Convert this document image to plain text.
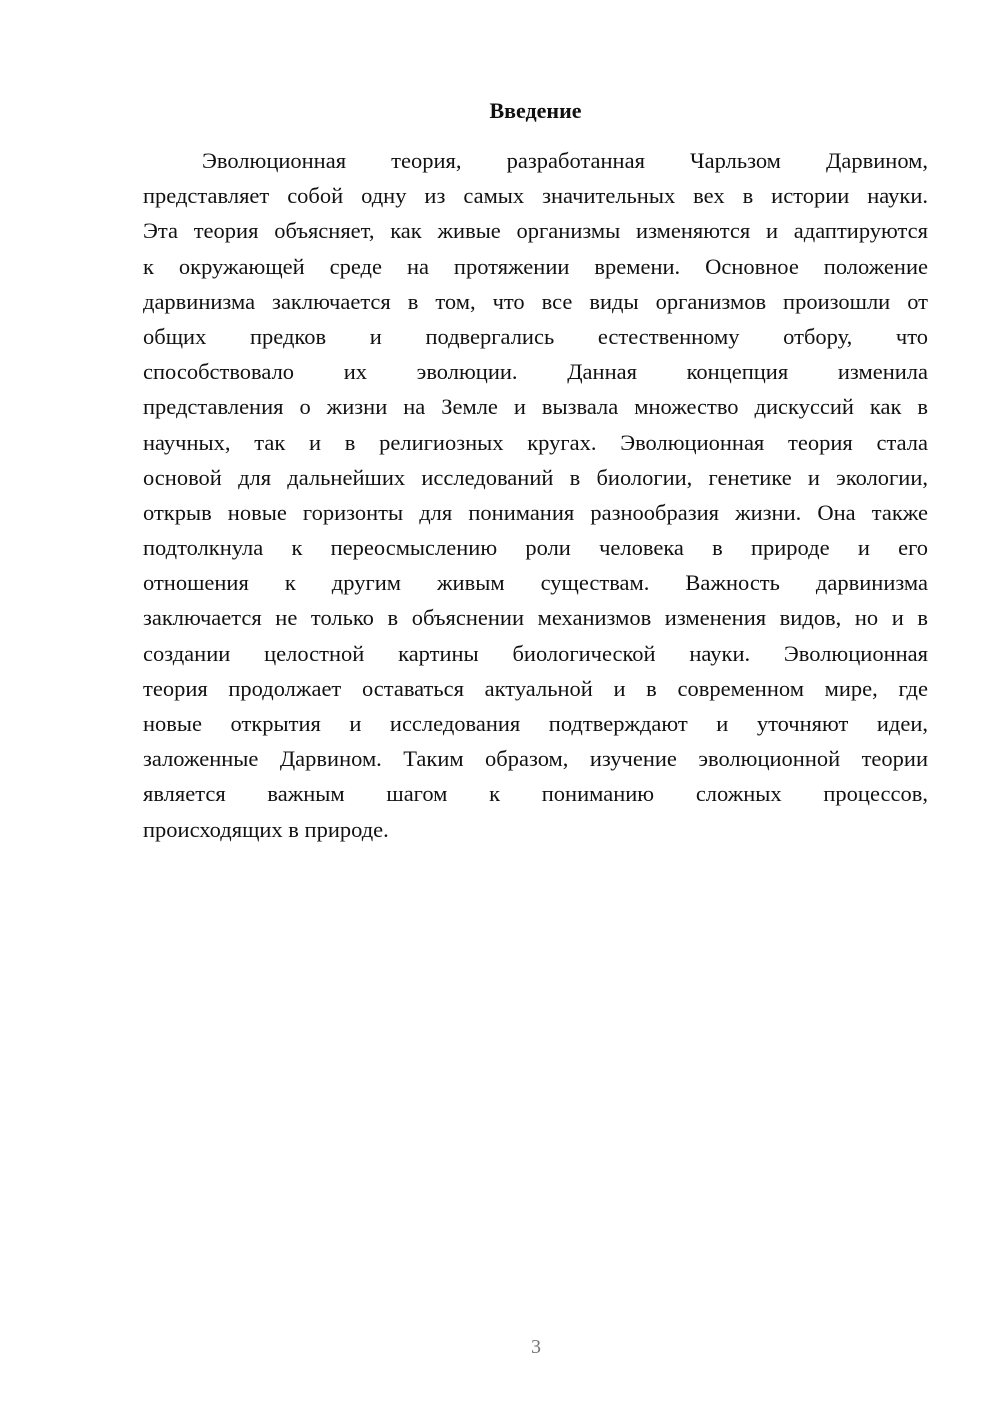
Введение
Эволюционная теория, разработанная Чарльзом Дарвином,
представляет собой одну из самых значительных вех в истории науки.
Эта теория объясняет, как живые организмы изменяются и адаптируются
к окружающей среде на протяжении времени. Основное положение
дарвинизма заключается в том, что все виды организмов произошли от
общих предков и подвергались естественному отбору, что
способствовало их эволюции. Данная концепция изменила
представления о жизни на Земле и вызвала множество дискуссий как в
научных, так и в религиозных кругах. Эволюционная теория стала
основой для дальнейших исследований в биологии, генетике и экологии,
открыв новые горизонты для понимания разнообразия жизни. Она также
подтолкнула к переосмыслению роли человека в природе и его
отношения к другим живым существам. Важность дарвинизма
заключается не только в объяснении механизмов изменения видов, но и в
создании целостной картины биологической науки. Эволюционная
теория продолжает оставаться актуальной и в современном мире, где
новые открытия и исследования подтверждают и уточняют идеи,
заложенные Дарвином. Таким образом, изучение эволюционной теории
является важным шагом к пониманию сложных процессов,
происходящих в природе.
3
